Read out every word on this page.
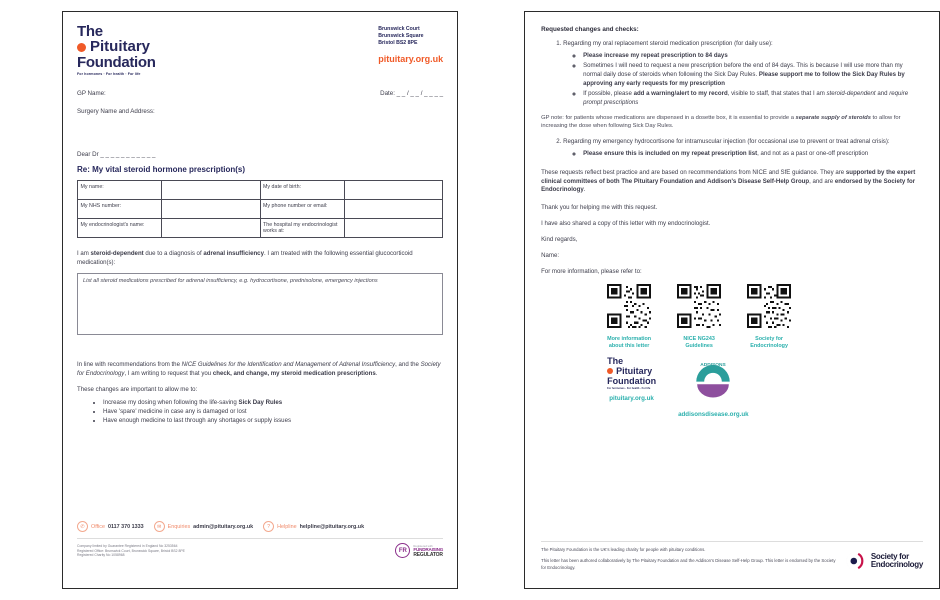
The
Pituitary
Foundation
For hormones · For health · For life
Brunswick Court
Brunswick Square
Bristol BS2 8PE
pituitary.org.uk
GP Name:	Date: _ _ / _ _ / _ _ _ _
Surgery Name and Address:
Dear Dr _ _ _ _ _ _ _ _ _ _ _
Re: My vital steroid hormone prescription(s)
My name:		My date of birth:	
My NHS number:		My phone number or email:	
My endocrinologist's name:		The hospital my endocrinologist works at:	
I am steroid-dependent due to a diagnosis of adrenal insufficiency. I am treated with the following essential glucocorticoid medication(s):
List all steroid medications prescribed for adrenal insufficiency, e.g. hydrocortisone, prednisolone, emergency injections
In line with recommendations from the NICE Guidelines for the Identification and Management of Adrenal Insufficiency, and the Society for Endocrinology, I am writing to request that you check, and change, my steroid medication prescriptions.
These changes are important to allow me to:
• Increase my dosing when following the life-saving Sick Day Rules
• Have 'spare' medicine in case any is damaged or lost
• Have enough medicine to last through any shortages or supply issues
✆	Office 0117 370 1333	✉	Enquiries admin@pituitary.org.uk	?	Helpline helpline@pituitary.org.uk
Company limited by Guarantee Registered in England No 3253564
Registered Office: Brunswick Court, Brunswick Square, Bristol BS2 8PE
Registered Charity No 1058968
FR
Registered with
FUNDRAISING
REGULATOR
Requested changes and checks:
1. Regarding my oral replacement steroid medication prescription (for daily use):
◦ Please increase my repeat prescription to 84 days
◦ Sometimes I will need to request a new prescription before the end of 84 days. This is because I will use more than my normal daily dose of steroids when following the Sick Day Rules. Please support me to follow the Sick Day Rules by approving any early requests for my prescription
◦ If possible, please add a warning/alert to my record, visible to staff, that states that I am steroid-dependent and require prompt prescriptions
GP note: for patients whose medications are dispensed in a dosette box, it is essential to provide a separate supply of steroids to allow for increasing the dose when following Sick Day Rules.
2. Regarding my emergency hydrocortisone for intramuscular injection (for occasional use to prevent or treat adrenal crisis):
◦ Please ensure this is included on my repeat prescription list, and not as a past or one-off prescription
These requests reflect best practice and are based on recommendations from NICE and SfE guidance. They are supported by the expert clinical committees of both The Pituitary Foundation and Addison's Disease Self-Help Group, and are endorsed by the Society for Endocrinology.
Thank you for helping me with this request.
I have also shared a copy of this letter with my endocrinologist.
Kind regards,
Name:
For more information, please refer to:
More information
about this letter
NICE NG243
Guidelines
Society for
Endocrinology
The
Pituitary
Foundation
For hormones · For health · For life
pituitary.org.uk
ADDISONS
addisonsdisease.org.uk

The Pituitary Foundation is the UK's leading charity for people with pituitary conditions.

This letter has been authored collaboratively by The Pituitary Foundation and the Addison's Disease Self-Help Group. This letter is endorsed by the Society for Endocrinology.

Society for
Endocrinology
